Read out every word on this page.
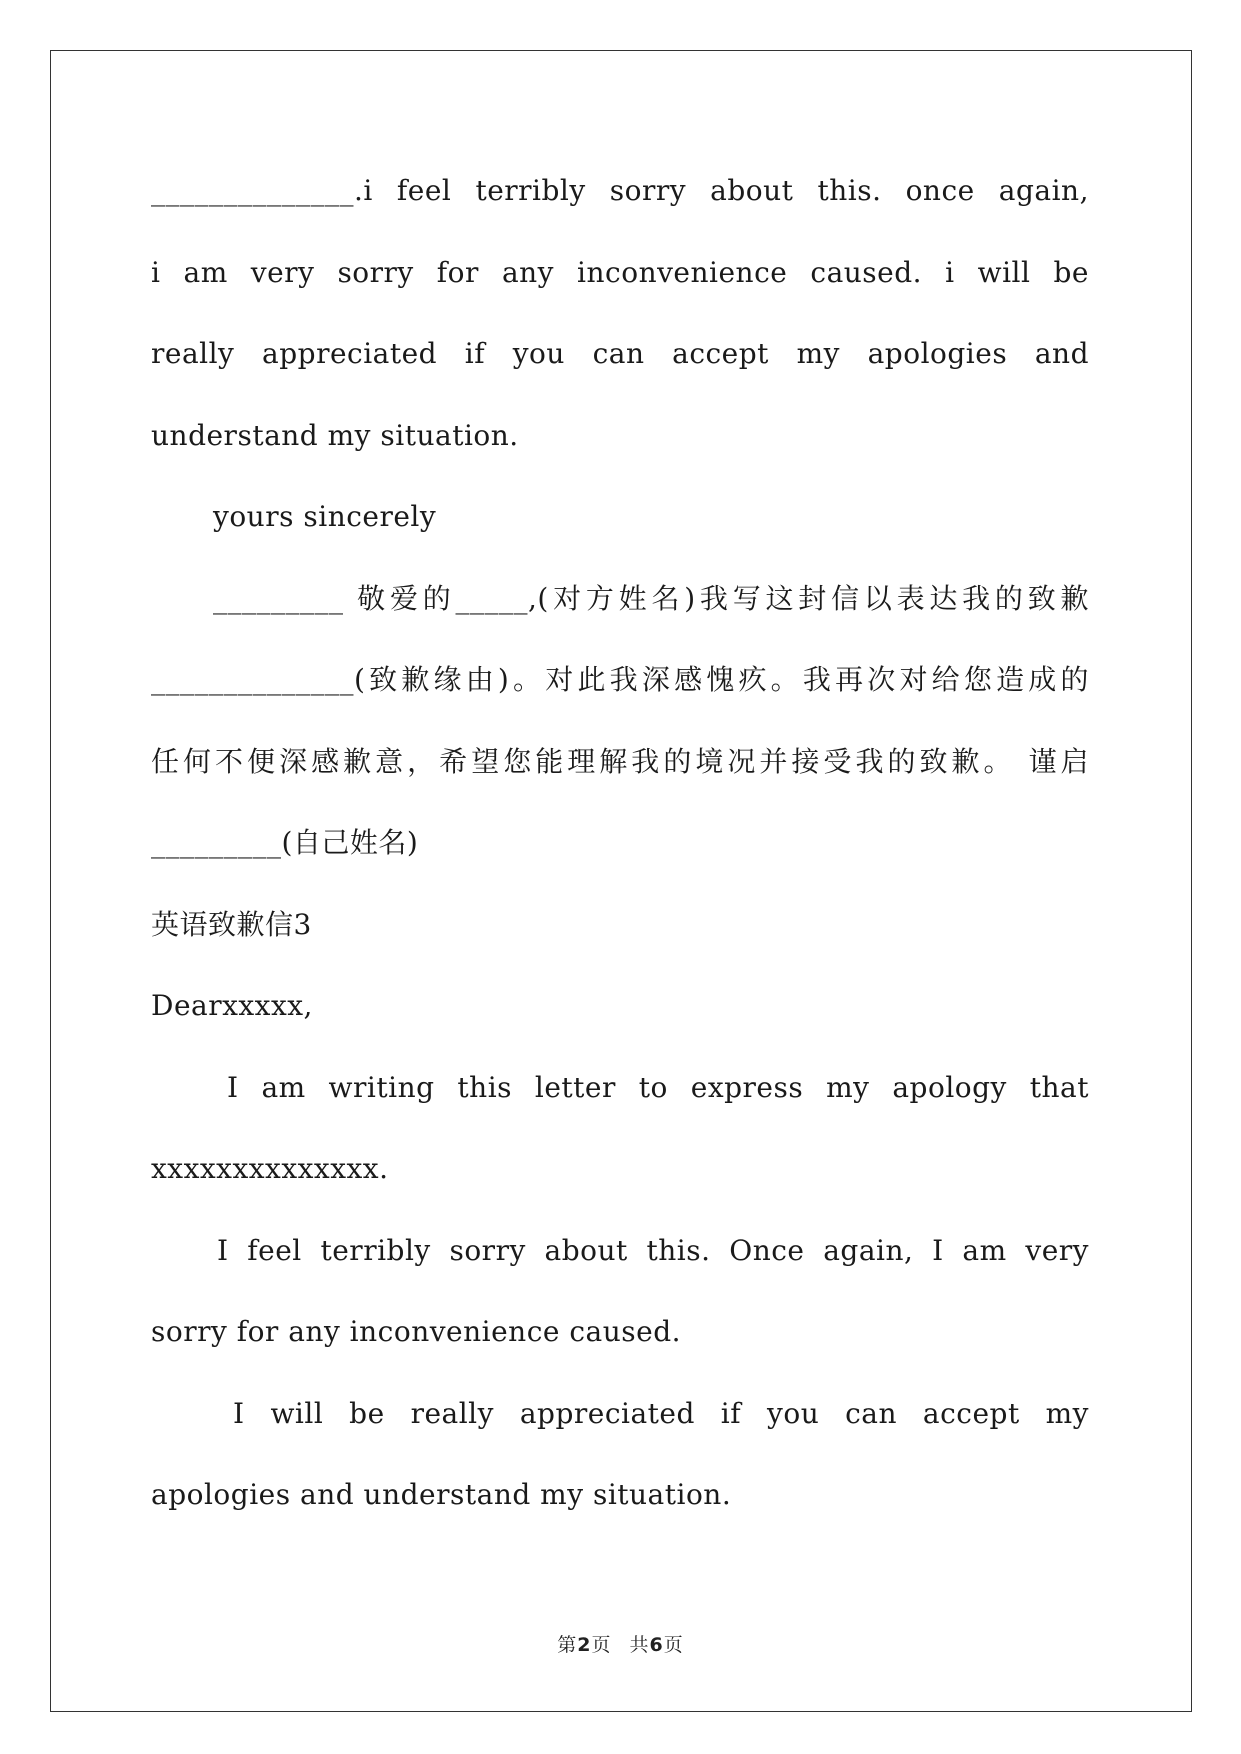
______________.i feel terribly sorry about this. once again,
i am very sorry for any inconvenience caused. i will be
really appreciated if you can accept my apologies and
understand my situation.
yours sincerely
_________ 敬爱的_____,(对方姓名)我写这封信以表达我的致歉
______________(致歉缘由)。对此我深感愧疚。我再次对给您造成的
任何不便深感歉意，希望您能理解我的境况并接受我的致歉。 谨启
_________(自己姓名)
英语致歉信3
Dearxxxxx,
I am writing this letter to express my apology that
xxxxxxxxxxxxxx.
I feel terribly sorry about this. Once again, I am very
sorry for any inconvenience caused.
I will be really appreciated if you can accept my
apologies and understand my situation.
第2页 共6页
